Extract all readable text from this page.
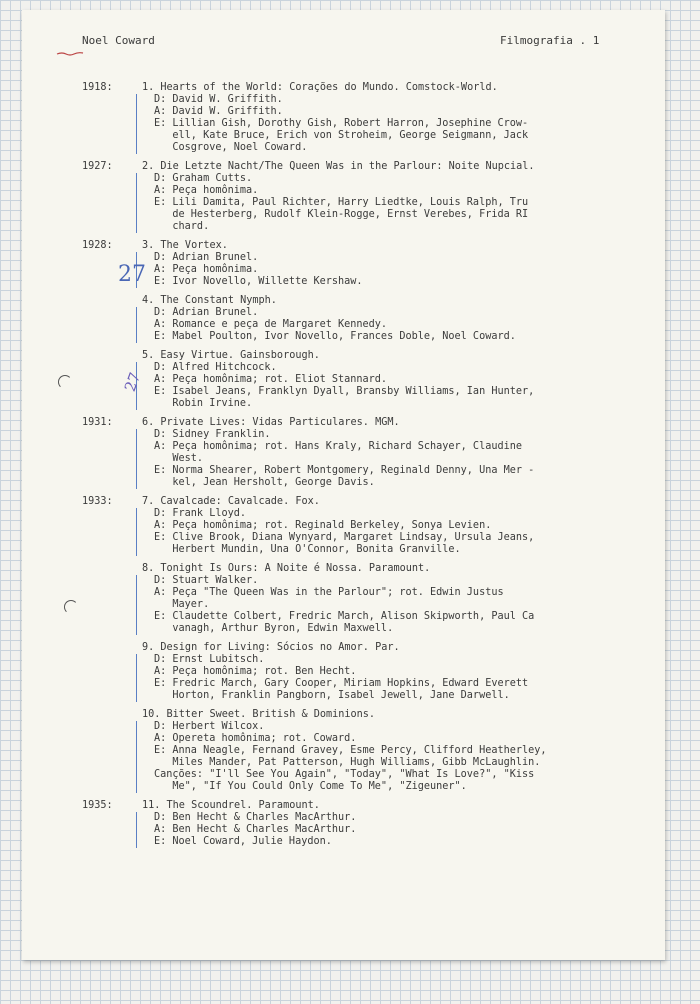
Noel Coward	Filmografia . 1
1918:	1. Hearts of the World: Corações do Mundo. Comstock-World.
D: David W. Griffith.
A: David W. Griffith.
E: Lillian Gish, Dorothy Gish, Robert Harron, Josephine Crow-
ell, Kate Bruce, Erich von Stroheim, George Seigmann, Jack
Cosgrove, Noel Coward.
1927:	2. Die Letzte Nacht/The Queen Was in the Parlour: Noite Nupcial.
D: Graham Cutts.
A: Peça homônima.
E: Lili Damita, Paul Richter, Harry Liedtke, Louis Ralph, Tru
de Hesterberg, Rudolf Klein-Rogge, Ernst Verebes, Frida RI
chard.
1928:	3. The Vortex.
D: Adrian Brunel.
A: Peça homônima.
E: Ivor Novello, Willette Kershaw.
4. The Constant Nymph.
D: Adrian Brunel.
A: Romance e peça de Margaret Kennedy.
E: Mabel Poulton, Ivor Novello, Frances Doble, Noel Coward.
5. Easy Virtue. Gainsborough.
D: Alfred Hitchcock.
A: Peça homônima; rot. Eliot Stannard.
E: Isabel Jeans, Franklyn Dyall, Bransby Williams, Ian Hunter,
Robin Irvine.
1931:	6. Private Lives: Vidas Particulares. MGM.
D: Sidney Franklin.
A: Peça homônima; rot. Hans Kraly, Richard Schayer, Claudine
West.
E: Norma Shearer, Robert Montgomery, Reginald Denny, Una Mer -
kel, Jean Hersholt, George Davis.
1933:	7. Cavalcade: Cavalcade. Fox.
D: Frank Lloyd.
A: Peça homônima; rot. Reginald Berkeley, Sonya Levien.
E: Clive Brook, Diana Wynyard, Margaret Lindsay, Ursula Jeans,
Herbert Mundin, Una O'Connor, Bonita Granville.
8. Tonight Is Ours: A Noite é Nossa. Paramount.
D: Stuart Walker.
A: Peça "The Queen Was in the Parlour"; rot. Edwin Justus
Mayer.
E: Claudette Colbert, Fredric March, Alison Skipworth, Paul Ca
vanagh, Arthur Byron, Edwin Maxwell.
9. Design for Living: Sócios no Amor. Par.
D: Ernst Lubitsch.
A: Peça homônima; rot. Ben Hecht.
E: Fredric March, Gary Cooper, Miriam Hopkins, Edward Everett
Horton, Franklin Pangborn, Isabel Jewell, Jane Darwell.
10. Bitter Sweet. British & Dominions.
D: Herbert Wilcox.
A: Opereta homônima; rot. Coward.
E: Anna Neagle, Fernand Gravey, Esme Percy, Clifford Heatherley,
Miles Mander, Pat Patterson, Hugh Williams, Gibb McLaughlin.
Canções: "I'll See You Again", "Today", "What Is Love?", "Kiss
Me", "If You Could Only Come To Me", "Zigeuner".
1935:	11. The Scoundrel. Paramount.
D: Ben Hecht & Charles MacArthur.
A: Ben Hecht & Charles MacArthur.
E: Noel Coward, Julie Haydon.
27
27
